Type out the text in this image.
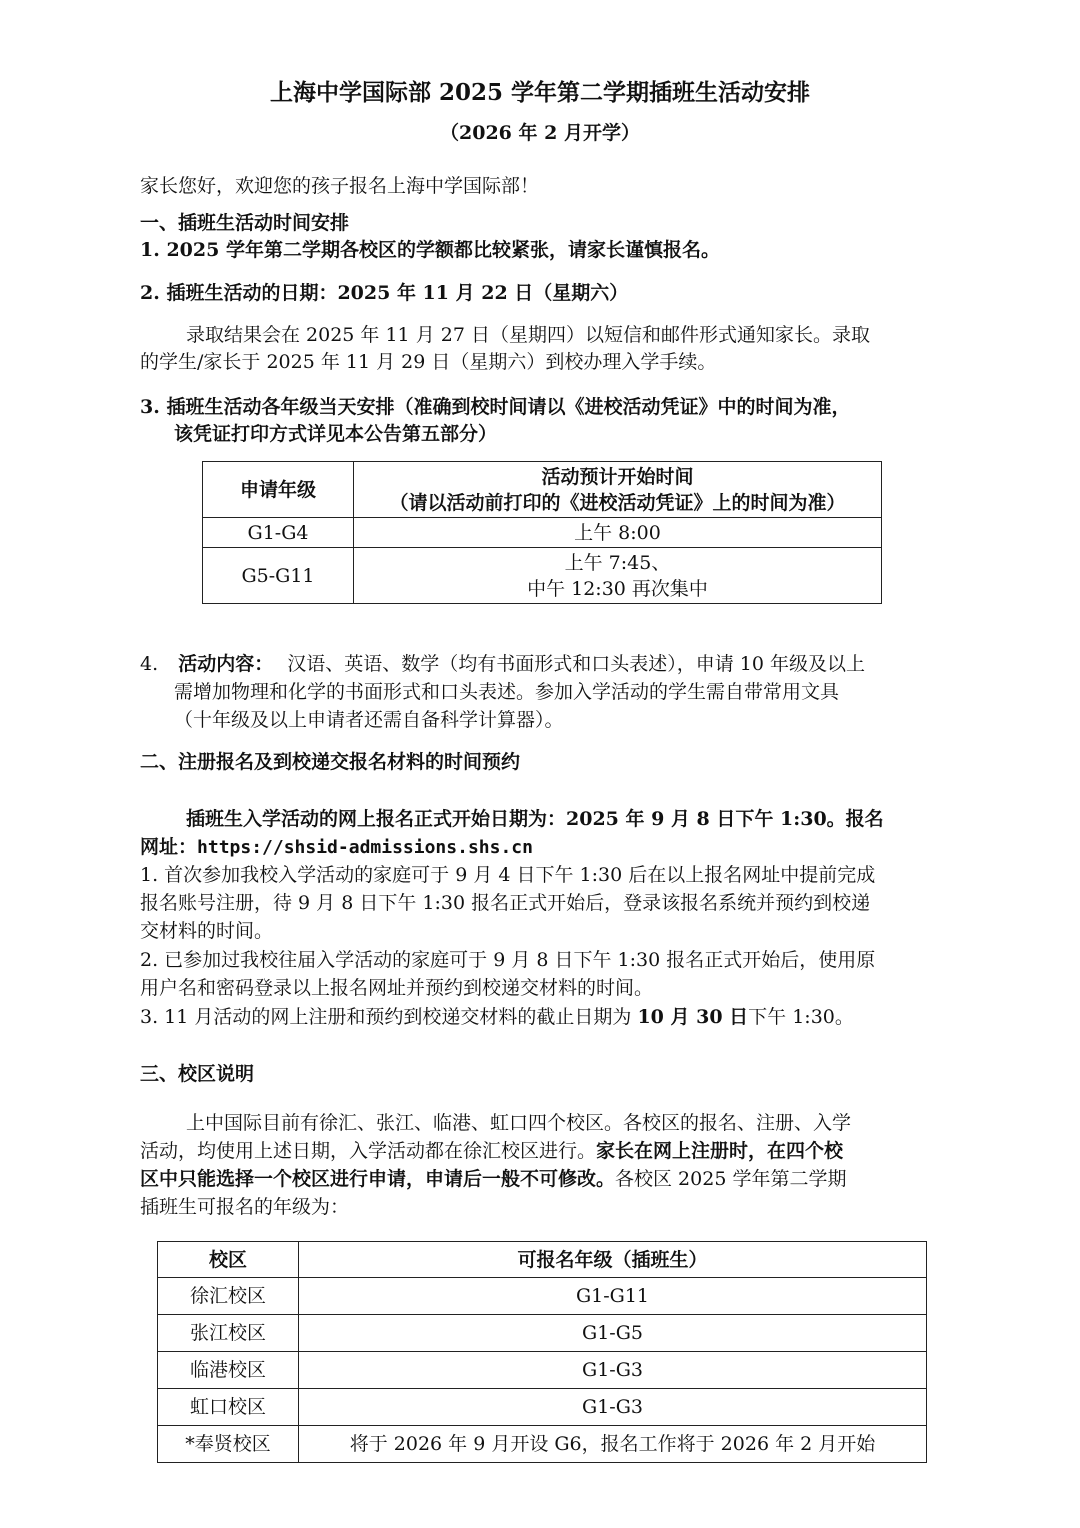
上海中学国际部 2025 学年第二学期插班生活动安排
（2026 年 2 月开学）
家长您好，欢迎您的孩子报名上海中学国际部！
一、插班生活动时间安排
1. 2025 学年第二学期各校区的学额都比较紧张，请家长谨慎报名。
2. 插班生活动的日期：2025 年 11 月 22 日（星期六）
录取结果会在 2025 年 11 月 27 日（星期四）以短信和邮件形式通知家长。录取
的学生/家长于 2025 年 11 月 29 日（星期六）到校办理入学手续。
3. 插班生活动各年级当天安排（准确到校时间请以《进校活动凭证》中的时间为准，
该凭证打印方式详见本公告第五部分）
申请年级	活动预计开始时间
（请以活动前打印的《进校活动凭证》上的时间为准）

G1-G4	上午 8:00
G5-G11	上午 7:45、
中午 12:30 再次集中
4. 活动内容： 汉语、英语、数学（均有书面形式和口头表述），申请 10 年级及以上
需增加物理和化学的书面形式和口头表述。参加入学活动的学生需自带常用文具
（十年级及以上申请者还需自备科学计算器）。
二、注册报名及到校递交报名材料的时间预约
插班生入学活动的网上报名正式开始日期为：2025 年 9 月 8 日下午 1:30。报名
网址：https://shsid-admissions.shs.cn
1. 首次参加我校入学活动的家庭可于 9 月 4 日下午 1:30 后在以上报名网址中提前完成
报名账号注册，待 9 月 8 日下午 1:30 报名正式开始后，登录该报名系统并预约到校递
交材料的时间。
2. 已参加过我校往届入学活动的家庭可于 9 月 8 日下午 1:30 报名正式开始后，使用原
用户名和密码登录以上报名网址并预约到校递交材料的时间。
3. 11 月活动的网上注册和预约到校递交材料的截止日期为 10 月 30 日下午 1:30。
三、校区说明
上中国际目前有徐汇、张江、临港、虹口四个校区。各校区的报名、注册、入学
活动，均使用上述日期，入学活动都在徐汇校区进行。家长在网上注册时，在四个校
区中只能选择一个校区进行申请，申请后一般不可修改。各校区 2025 学年第二学期
插班生可报名的年级为：
校区	可报名年级（插班生）
徐汇校区	G1-G11
张江校区	G1-G5
临港校区	G1-G3
虹口校区	G1-G3
*奉贤校区	将于 2026 年 9 月开设 G6，报名工作将于 2026 年 2 月开始
